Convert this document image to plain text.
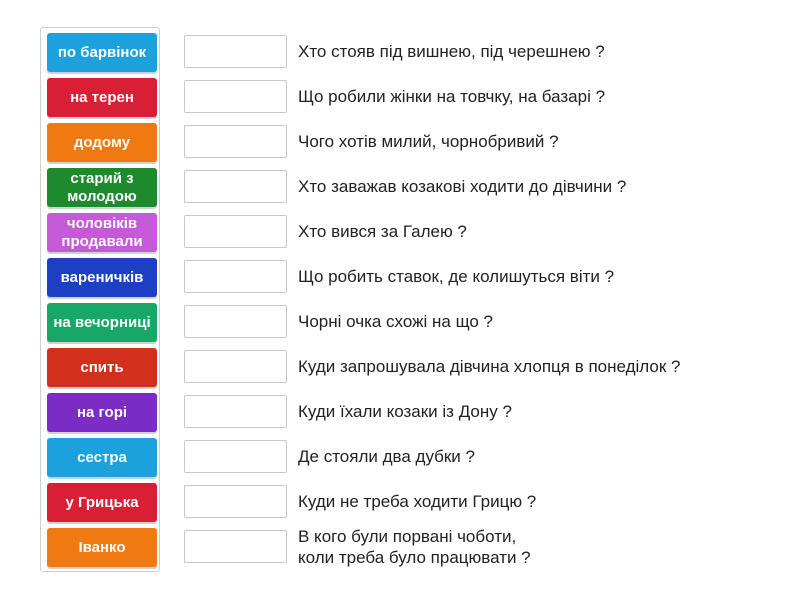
по барвінок
на терен
додому
старий з молодою
чоловіків продавали
вареничків
на вечорниці
спить
на горі
сестра
у Грицька
Іванко
Хто стояв під вишнею, під черешнею ?
Що робили жінки на товчку, на базарі ?
Чого хотів милий, чорнобривий ?
Хто заважав козакові ходити до дівчини ?
Хто вився за Галею ?
Що робить ставок, де колишуться віти ?
Чорні очка схожі на що ?
Куди запрошувала дівчина хлопця в понеділок ?
Куди їхали козаки із Дону ?
Де стояли два дубки ?
Куди не треба ходити Грицю ?
В кого були порвані чоботи,
коли треба було працювати ?
